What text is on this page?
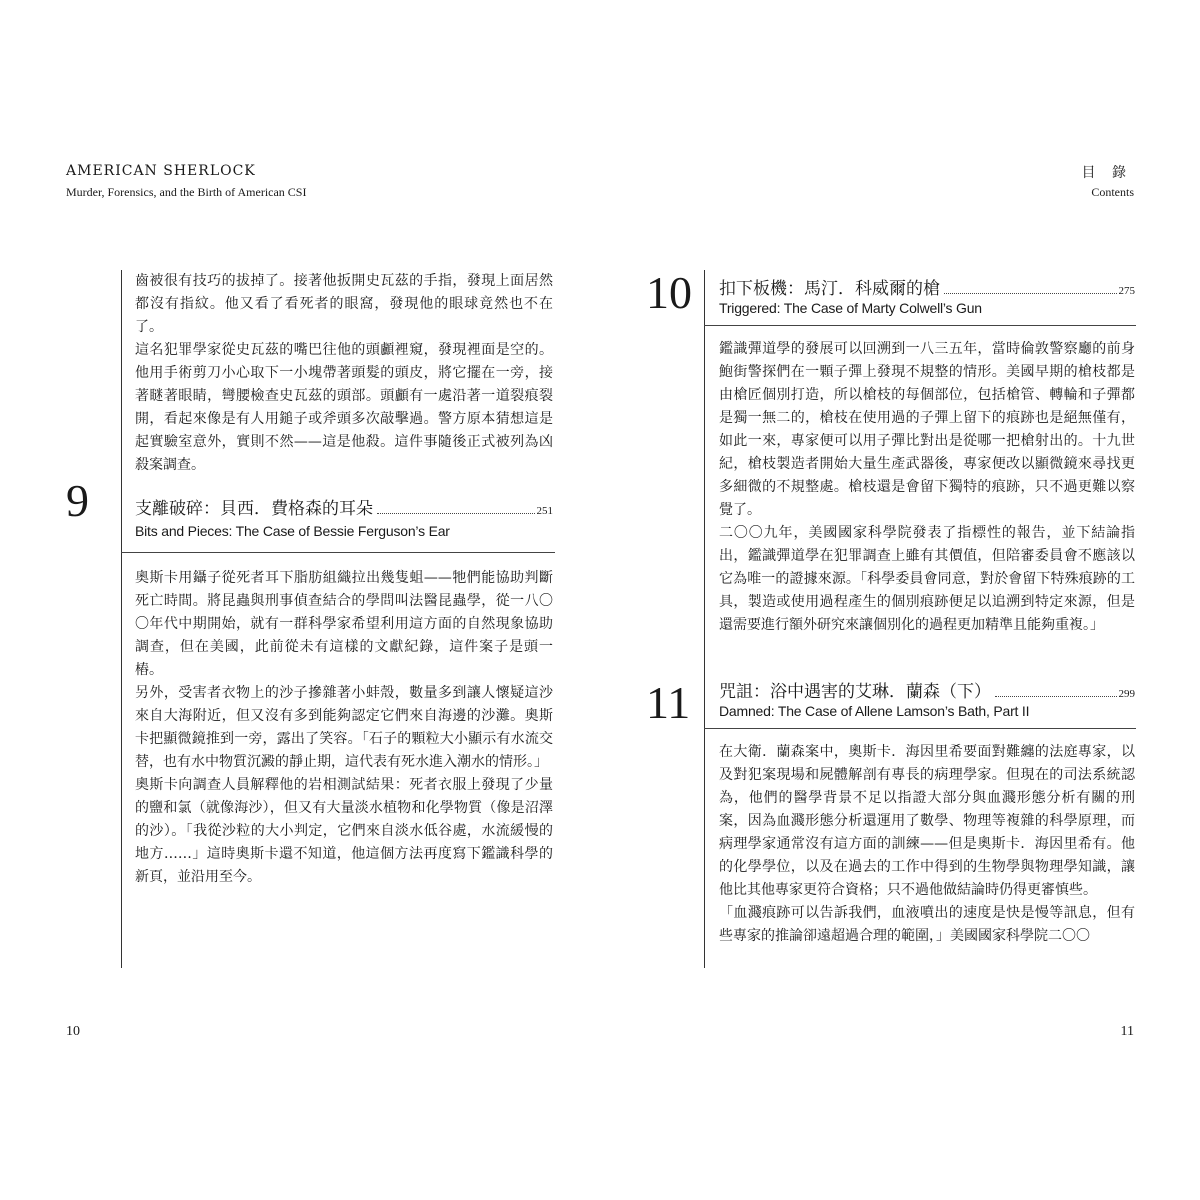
AMERICAN SHERLOCK
Murder, Forensics, and the Birth of American CSI
目 錄
Contents

齒被很有技巧的拔掉了。接著他扳開史瓦茲的手指，發現上面居然都沒有指紋。他又看了看死者的眼窩，發現他的眼球竟然也不在了。

這名犯罪學家從史瓦茲的嘴巴往他的頭顱裡窺，發現裡面是空的。他用手術剪刀小心取下一小塊帶著頭髮的頭皮，將它擺在一旁，接著瞇著眼睛，彎腰檢查史瓦茲的頭部。頭顱有一處沿著一道裂痕裂開，看起來像是有人用鎚子或斧頭多次敲擊過。警方原本猜想這是起實驗室意外，實則不然——這是他殺。這件事隨後正式被列為凶殺案調查。

9	支離破碎：貝西．費格森的耳朵	251
Bits and Pieces: The Case of Bessie Ferguson’s Ear

奧斯卡用鑷子從死者耳下脂肪組織拉出幾隻蛆——牠們能協助判斷死亡時間。將昆蟲與刑事偵查結合的學問叫法醫昆蟲學，從一八〇〇年代中期開始，就有一群科學家希望利用這方面的自然現象協助調查，但在美國，此前從未有這樣的文獻紀錄，這件案子是頭一樁。

另外，受害者衣物上的沙子摻雜著小蚌殼，數量多到讓人懷疑這沙來自大海附近，但又沒有多到能夠認定它們來自海邊的沙灘。奧斯卡把顯微鏡推到一旁，露出了笑容。「石子的顆粒大小顯示有水流交替，也有水中物質沉澱的靜止期，這代表有死水進入潮水的情形。」

奧斯卡向調查人員解釋他的岩相測試結果：死者衣服上發現了少量的鹽和氯（就像海沙），但又有大量淡水植物和化學物質（像是沼澤的沙）。「我從沙粒的大小判定，它們來自淡水低谷處，水流緩慢的地方……」這時奧斯卡還不知道，他這個方法再度寫下鑑識科學的新頁，並沿用至今。

10
10 扣下板機：馬汀．科威爾的槍	275
Triggered: The Case of Marty Colwell’s Gun

鑑識彈道學的發展可以回溯到一八三五年，當時倫敦警察廳的前身鮑街警探們在一顆子彈上發現不規整的情形。美國早期的槍枝都是由槍匠個別打造，所以槍枝的每個部位，包括槍管、轉輪和子彈都是獨一無二的，槍枝在使用過的子彈上留下的痕跡也是絕無僅有，如此一來，專家便可以用子彈比對出是從哪一把槍射出的。十九世紀，槍枝製造者開始大量生產武器後，專家便改以顯微鏡來尋找更多細微的不規整處。槍枝還是會留下獨特的痕跡，只不過更難以察覺了。

二〇〇九年，美國國家科學院發表了指標性的報告，並下結論指出，鑑識彈道學在犯罪調查上雖有其價值，但陪審委員會不應該以它為唯一的證據來源。「科學委員會同意，對於會留下特殊痕跡的工具，製造或使用過程產生的個別痕跡便足以追溯到特定來源，但是還需要進行額外研究來讓個別化的過程更加精準且能夠重複。」

11 咒詛：浴中遇害的艾琳．蘭森（下）	299
Damned: The Case of Allene Lamson’s Bath, Part II

在大衛．蘭森案中，奧斯卡．海因里希要面對難纏的法庭專家，以及對犯案現場和屍體解剖有專長的病理學家。但現在的司法系統認為，他們的醫學背景不足以指證大部分與血濺形態分析有關的刑案，因為血濺形態分析還運用了數學、物理等複雜的科學原理，而病理學家通常沒有這方面的訓練——但是奧斯卡．海因里希有。他的化學學位，以及在過去的工作中得到的生物學與物理學知識，讓他比其他專家更符合資格；只不過他做結論時仍得更審慎些。

「血濺痕跡可以告訴我們，血液噴出的速度是快是慢等訊息，但有些專家的推論卻遠超過合理的範圍，」美國國家科學院二〇〇

11
